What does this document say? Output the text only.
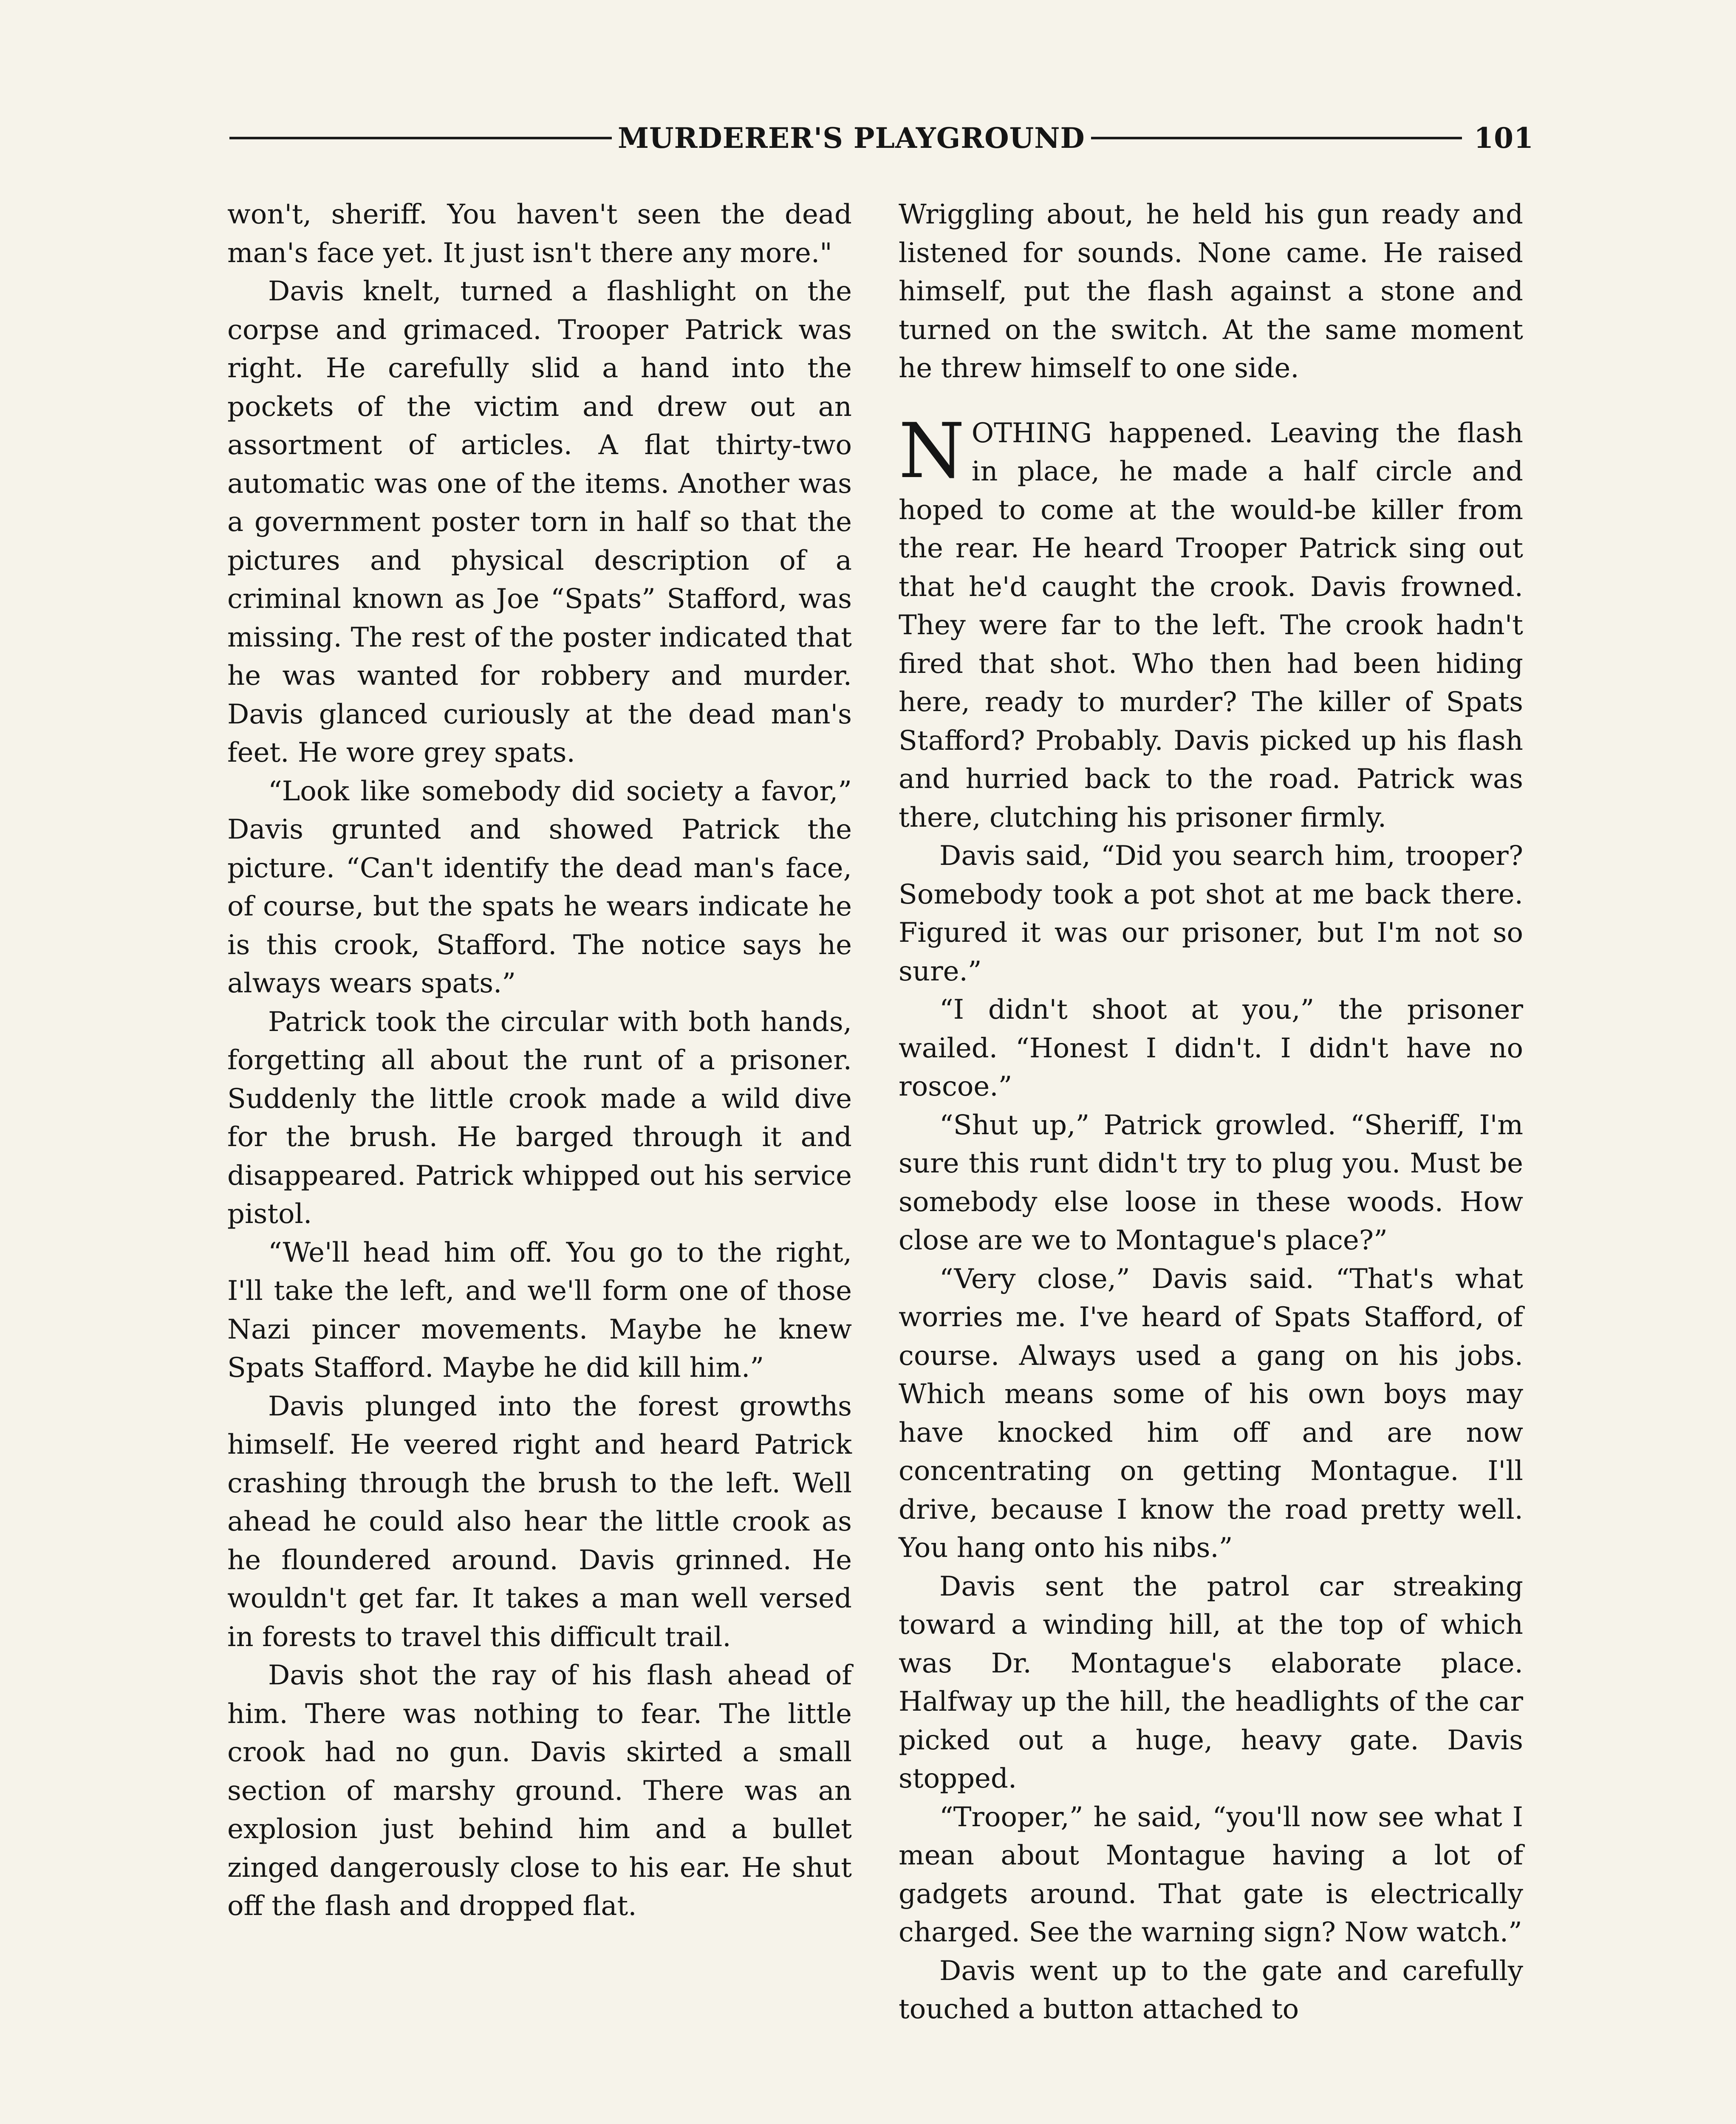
MURDERER'S PLAYGROUND	101

won't, sheriff. You haven't seen the dead man's face yet. It just isn't there any more."

Davis knelt, turned a flashlight on the corpse and grimaced. Trooper Patrick was right. He carefully slid a hand into the pockets of the victim and drew out an assortment of articles. A flat thirty-two automatic was one of the items. Another was a government poster torn in half so that the pictures and physical description of a criminal known as Joe “Spats” Stafford, was missing. The rest of the poster indicated that he was wanted for robbery and murder. Davis glanced curiously at the dead man's feet. He wore grey spats.

“Look like somebody did society a favor,” Davis grunted and showed Patrick the picture. “Can't identify the dead man's face, of course, but the spats he wears indicate he is this crook, Stafford. The notice says he always wears spats.”

Patrick took the circular with both hands, forgetting all about the runt of a prisoner. Suddenly the little crook made a wild dive for the brush. He barged through it and disappeared. Patrick whipped out his service pistol.

“We'll head him off. You go to the right, I'll take the left, and we'll form one of those Nazi pincer movements. Maybe he knew Spats Stafford. Maybe he did kill him.”

Davis plunged into the forest growths himself. He veered right and heard Patrick crashing through the brush to the left. Well ahead he could also hear the little crook as he floundered around. Davis grinned. He wouldn't get far. It takes a man well versed in forests to travel this difficult trail.

Davis shot the ray of his flash ahead of him. There was nothing to fear. The little crook had no gun. Davis skirted a small section of marshy ground. There was an explosion just behind him and a bullet zinged dangerously close to his ear. He shut off the flash and dropped flat.

Wriggling about, he held his gun ready and listened for sounds. None came. He raised himself, put the flash against a stone and turned on the switch. At the same moment he threw himself to one side.

NOTHING happened. Leaving the flash in place, he made a half circle and hoped to come at the would-be killer from the rear. He heard Trooper Patrick sing out that he'd caught the crook. Davis frowned. They were far to the left. The crook hadn't fired that shot. Who then had been hiding here, ready to murder? The killer of Spats Stafford? Probably. Davis picked up his flash and hurried back to the road. Patrick was there, clutching his prisoner firmly.

Davis said, “Did you search him, trooper? Somebody took a pot shot at me back there. Figured it was our prisoner, but I'm not so sure.”

“I didn't shoot at you,” the prisoner wailed. “Honest I didn't. I didn't have no roscoe.”

“Shut up,” Patrick growled. “Sheriff, I'm sure this runt didn't try to plug you. Must be somebody else loose in these woods. How close are we to Montague's place?”

“Very close,” Davis said. “That's what worries me. I've heard of Spats Stafford, of course. Always used a gang on his jobs. Which means some of his own boys may have knocked him off and are now concentrating on getting Montague. I'll drive, because I know the road pretty well. You hang onto his nibs.”

Davis sent the patrol car streaking toward a winding hill, at the top of which was Dr. Montague's elaborate place. Halfway up the hill, the headlights of the car picked out a huge, heavy gate. Davis stopped.

“Trooper,” he said, “you'll now see what I mean about Montague having a lot of gadgets around. That gate is electrically charged. See the warning sign? Now watch.”

Davis went up to the gate and carefully touched a button attached to
